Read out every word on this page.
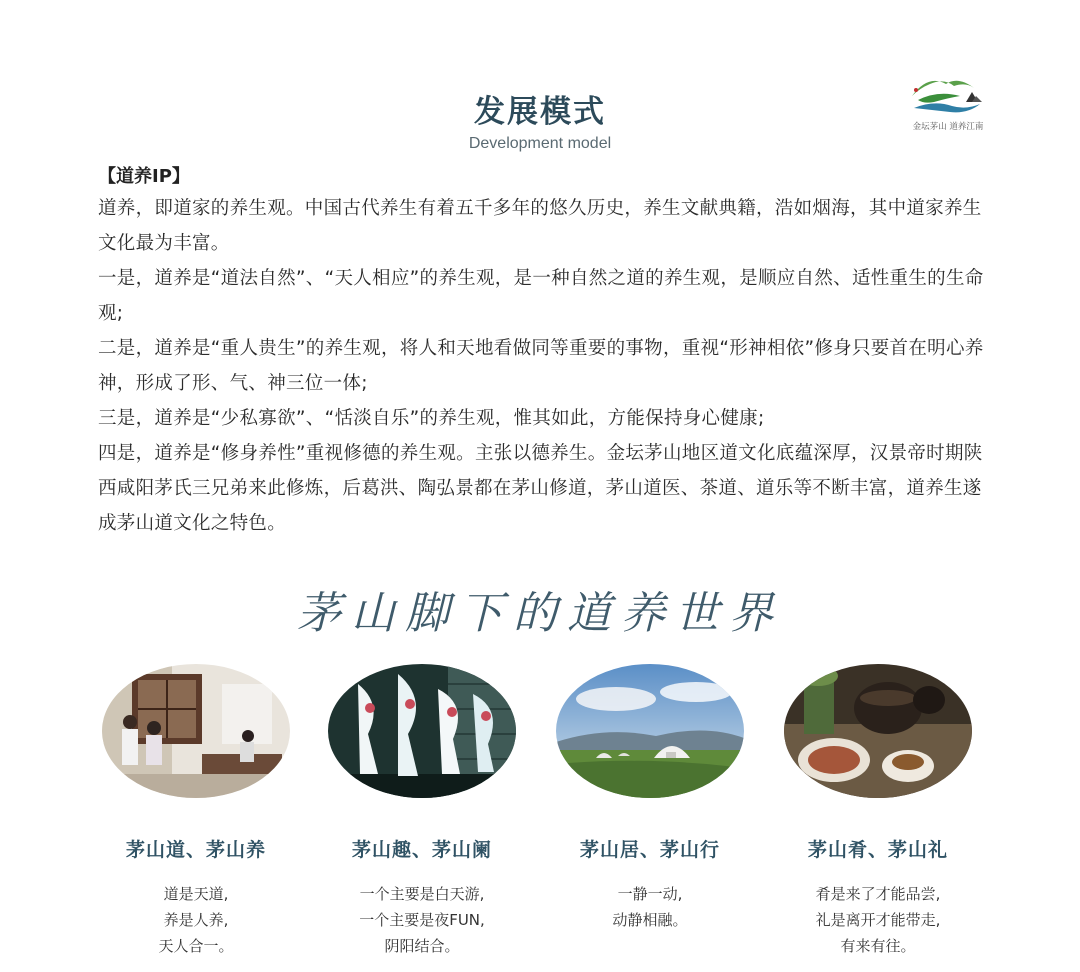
发展模式
Development model
金坛茅山 道养江南
【道养IP】

道养，即道家的养生观。中国古代养生有着五千多年的悠久历史，养生文献典籍，浩如烟海，其中道家养生文化最为丰富。

一是，道养是“道法自然”、“天人相应”的养生观，是一种自然之道的养生观，是顺应自然、适性重生的生命观;

二是，道养是“重人贵生”的养生观，将人和天地看做同等重要的事物，重视“形神相依”修身只要首在明心养神，形成了形、气、神三位一体;

三是，道养是“少私寡欲”、“恬淡自乐”的养生观，惟其如此，方能保持身心健康;

四是，道养是“修身养性”重视修德的养生观。主张以德养生。金坛茅山地区道文化底蕴深厚，汉景帝时期陕西咸阳茅氏三兄弟来此修炼，后葛洪、陶弘景都在茅山修道，茅山道医、茶道、道乐等不断丰富，道养生遂成茅山道文化之特色。

茅山脚下的道养世界
茅山道、茅山养
道是天道,
养是人养,
天人合一。
茅山趣、茅山阑
一个主要是白天游,
一个主要是夜FUN,
阴阳结合。
茅山居、茅山行
一静一动,
动静相融。
茅山肴、茅山礼
肴是来了才能品尝,
礼是离开才能带走,
有来有往。
